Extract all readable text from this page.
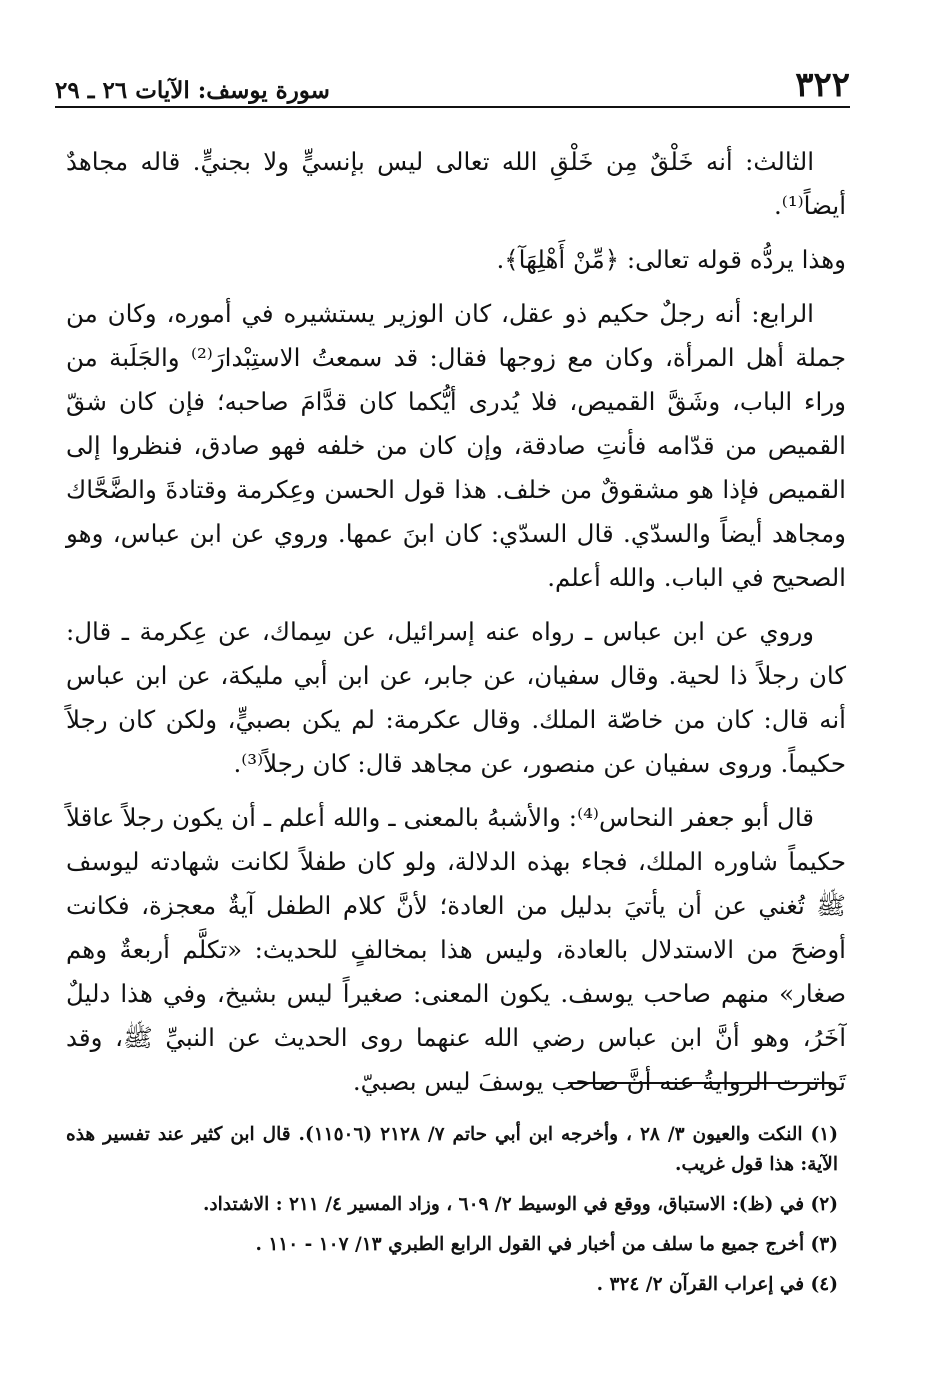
٣٢٢
سورة يوسف: الآيات ٢٦ ـ ٢٩

الثالث: أنه خَلْقٌ مِن خَلْقِ الله تعالى ليس بإنسيٍّ ولا بجنيٍّ. قاله مجاهدٌ أيضاً⁽¹⁾.

وهذا يردُّه قوله تعالى: ﴿مِّنْ أَهْلِهَآ﴾.

الرابع: أنه رجلٌ حكيم ذو عقل، كان الوزير يستشيره في أموره، وكان من جملة أهل المرأة، وكان مع زوجها فقال: قد سمعتُ الاستِبْدارَ⁽²⁾ والجَلَبة من وراء الباب، وشَقَّ القميص، فلا يُدرى أيُّكما كان قدَّامَ صاحبه؛ فإن كان شقّ القميص من قدّامه فأنتِ صادقة، وإن كان من خلفه فهو صادق، فنظروا إلى القميص فإذا هو مشقوقٌ من خلف. هذا قول الحسن وعِكرمة وقتادةَ والضَّحَّاك ومجاهد أيضاً والسدّي. قال السدّي: كان ابنَ عمها. وروي عن ابن عباس، وهو الصحيح في الباب. والله أعلم.

وروي عن ابن عباس ـ رواه عنه إسرائيل، عن سِماك، عن عِكرمة ـ قال: كان رجلاً ذا لحية. وقال سفيان، عن جابر، عن ابن أبي مليكة، عن ابن عباس أنه قال: كان من خاصّة الملك. وقال عكرمة: لم يكن بصبيٍّ، ولكن كان رجلاً حكيماً. وروى سفيان عن منصور، عن مجاهد قال: كان رجلاً⁽³⁾.

قال أبو جعفر النحاس⁽⁴⁾: والأشبهُ بالمعنى ـ والله أعلم ـ أن يكون رجلاً عاقلاً حكيماً شاوره الملك، فجاء بهذه الدلالة، ولو كان طفلاً لكانت شهادته ليوسف ﷺ تُغني عن أن يأتيَ بدليل من العادة؛ لأنَّ كلام الطفل آيةٌ معجزة، فكانت أوضحَ من الاستدلال بالعادة، وليس هذا بمخالفٍ للحديث: «تكلَّم أربعةٌ وهم صغار» منهم صاحب يوسف. يكون المعنى: صغيراً ليس بشيخ، وفي هذا دليلٌ آخَرُ، وهو أنَّ ابن عباس رضي الله عنهما روى الحديث عن النبيِّ ﷺ، وقد تَواترت الروايةُ عنه أنَّ صاحب يوسفَ ليس بصبيّ.

(١) النكت والعيون ٣/ ٢٨ ، وأخرجه ابن أبي حاتم ٧/ ٢١٢٨ (١١٥٠٦). قال ابن كثير عند تفسير هذه الآية: هذا قول غريب.
(٢) في (ظ): الاستباق، ووقع في الوسيط ٢/ ٦٠٩ ، وزاد المسير ٤/ ٢١١ : الاشتداد.
(٣) أخرج جميع ما سلف من أخبار في القول الرابع الطبري ١٣/ ١٠٧ - ١١٠ .
(٤) في إعراب القرآن ٢/ ٣٢٤ .
